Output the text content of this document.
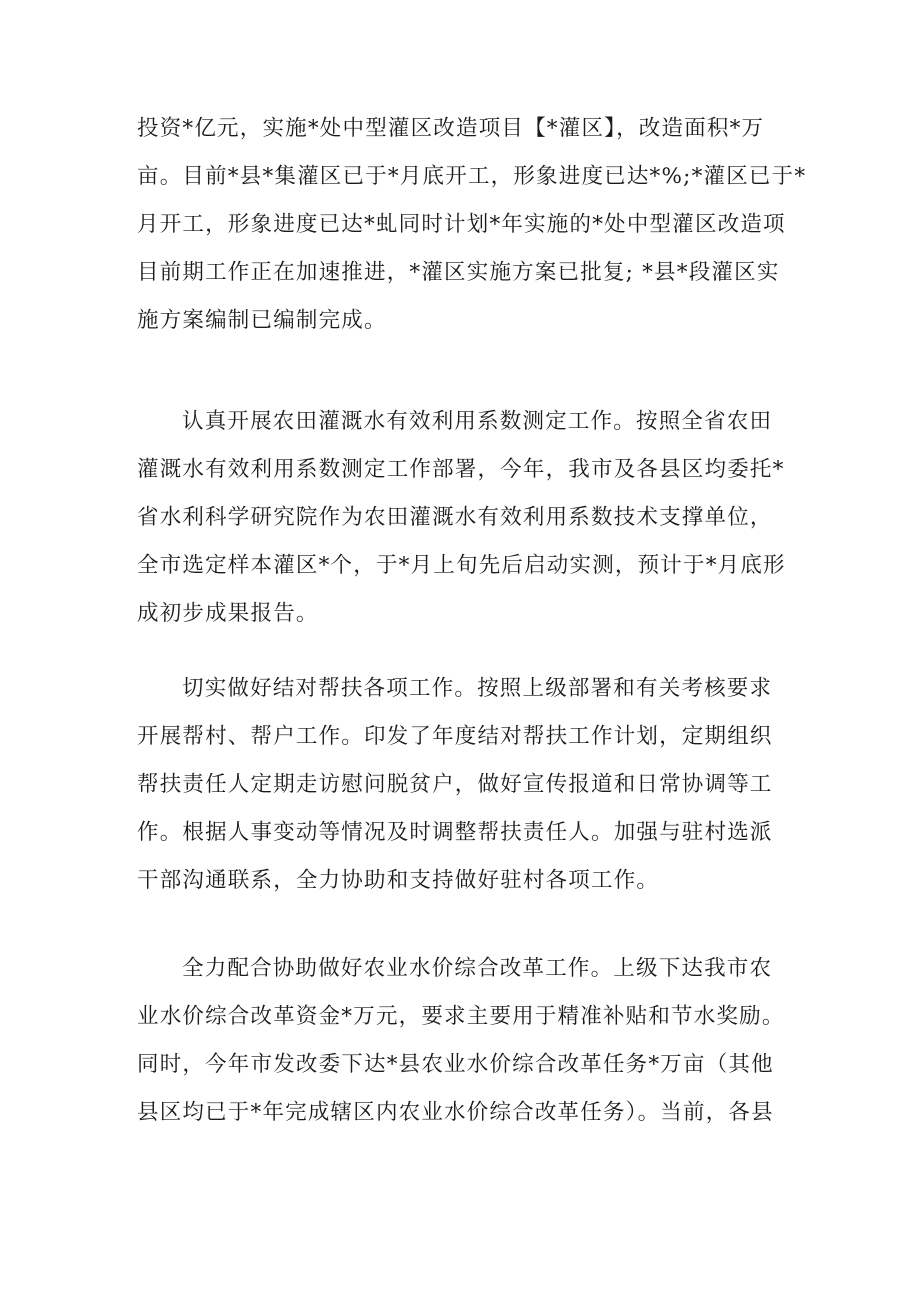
投资*亿元，实施*处中型灌区改造项目【*灌区】，改造面积*万
亩。目前*县*集灌区已于*月底开工，形象进度已达*%;*灌区已于*
月开工，形象进度已达*虬同时计划*年实施的*处中型灌区改造项
目前期工作正在加速推进，*灌区实施方案已批复; *县*段灌区实
施方案编制已编制完成。

认真开展农田灌溉水有效利用系数测定工作。按照全省农田
灌溉水有效利用系数测定工作部署，今年，我市及各县区均委托*
省水利科学研究院作为农田灌溉水有效利用系数技术支撑单位，
全市选定样本灌区*个，于*月上旬先后启动实测，预计于*月底形
成初步成果报告。

切实做好结对帮扶各项工作。按照上级部署和有关考核要求
开展帮村、帮户工作。印发了年度结对帮扶工作计划，定期组织
帮扶责任人定期走访慰问脱贫户，做好宣传报道和日常协调等工
作。根据人事变动等情况及时调整帮扶责任人。加强与驻村选派
干部沟通联系，全力协助和支持做好驻村各项工作。

全力配合协助做好农业水价综合改革工作。上级下达我市农
业水价综合改革资金*万元，要求主要用于精准补贴和节水奖励。
同时，今年市发改委下达*县农业水价综合改革任务*万亩（其他
县区均已于*年完成辖区内农业水价综合改革任务）。当前，各县
